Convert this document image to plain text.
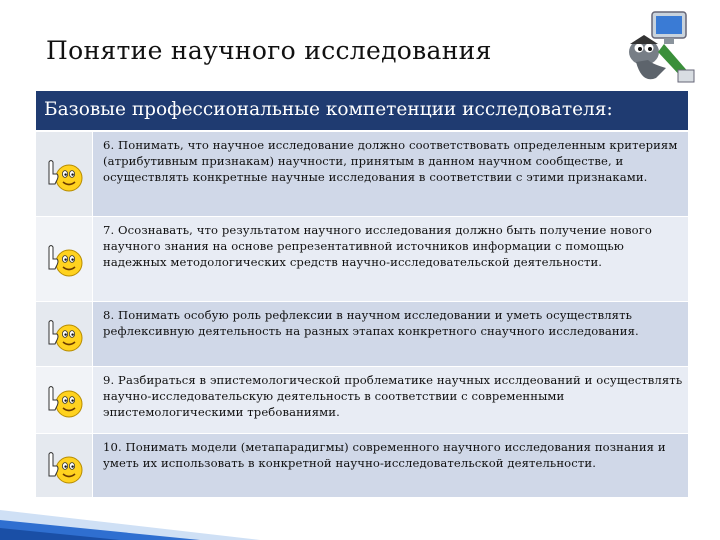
Понятие научного исследования
Базовые профессиональные компетенции исследователя:
6. Понимать, что научное исследование должно соответствовать определенным критериям (атрибутивным признакам) научности, принятым в данном научном сообществе, и осуществлять конкретные научные исследования в соответствии с этими признаками.
7. Осознавать, что результатом научного исследования должно быть получение нового научного знания на основе репрезентативной источников информации с помощью надежных методологических средств научно-исследовательской деятельности.
8. Понимать особую роль рефлексии в научном исследовании и уметь осуществлять рефлексивную деятельность на разных этапах конкретного снаучного исследования.
9. Разбираться в эпистемологической проблематике научных исслдеований и осуществлять научно-исследовательскую деятельность в соответствии с современными эпистемологическими требованиями.
10. Понимать модели (метапарадигмы) современного научного исследования познания и уметь их использовать в конкретной научно-исследовательской деятельности.
